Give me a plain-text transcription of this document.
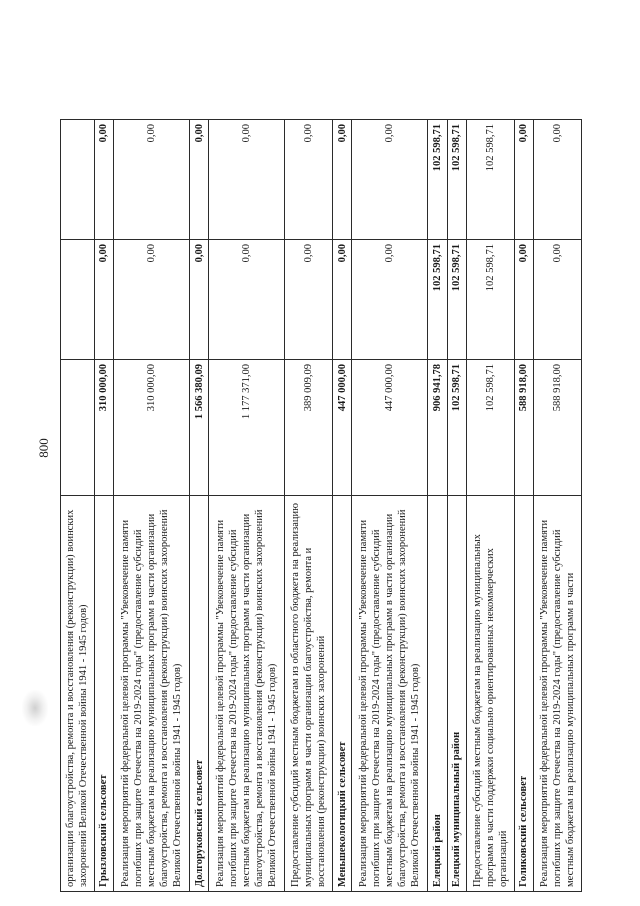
800
организации благоустройства, ремонта и восстановления (реконструкции) воинских захоронений Великой Отечественной войны 1941 - 1945 годов)			
Грызловский сельсовет	310 000,00	0,00	0,00
Реализация мероприятий федеральной целевой программы "Увековечение памяти погибших при защите Отечества на 2019-2024 годы" (предоставление субсидий местным бюджетам на реализацию муниципальных программ в части организации благоустройства, ремонта и восстановления (реконструкции) воинских захоронений Великой Отечественной войны 1941 - 1945 годов)	310 000,00	0,00	0,00
Долгоруковский сельсовет	1 566 380,09	0,00	0,00
Реализация мероприятий федеральной целевой программы "Увековечение памяти погибших при защите Отечества на 2019-2024 годы" (предоставление субсидий местным бюджетам на реализацию муниципальных программ в части организации благоустройства, ремонта и восстановления (реконструкции) воинских захоронений Великой Отечественной войны 1941 - 1945 годов)	1 177 371,00	0,00	0,00
Предоставление субсидий местным бюджетам из областного бюджета на реализацию муниципальных программ в части организации благоустройства, ремонта и восстановления (реконструкции) воинских захоронений	389 009,09	0,00	0,00
Меньшекологицкий сельсовет	447 000,00	0,00	0,00
Реализация мероприятий федеральной целевой программы "Увековечение памяти погибших при защите Отечества на 2019-2024 годы" (предоставление субсидий местным бюджетам на реализацию муниципальных программ в части организации благоустройства, ремонта и восстановления (реконструкции) воинских захоронений Великой Отечественной войны 1941 - 1945 годов)	447 000,00	0,00	0,00
Елецкий район	906 941,78	102 598,71	102 598,71
Елецкий муниципальный район	102 598,71	102 598,71	102 598,71
Предоставление субсидий местным бюджетам на реализацию муниципальных программ в части поддержки социально ориентированных некоммерческих организаций	102 598,71	102 598,71	102 598,71
Голиковский сельсовет	588 918,00	0,00	0,00
Реализация мероприятий федеральной целевой программы "Увековечение памяти погибших при защите Отечества на 2019-2024 годы" (предоставление субсидий местным бюджетам на реализацию муниципальных программ в части	588 918,00	0,00	0,00
